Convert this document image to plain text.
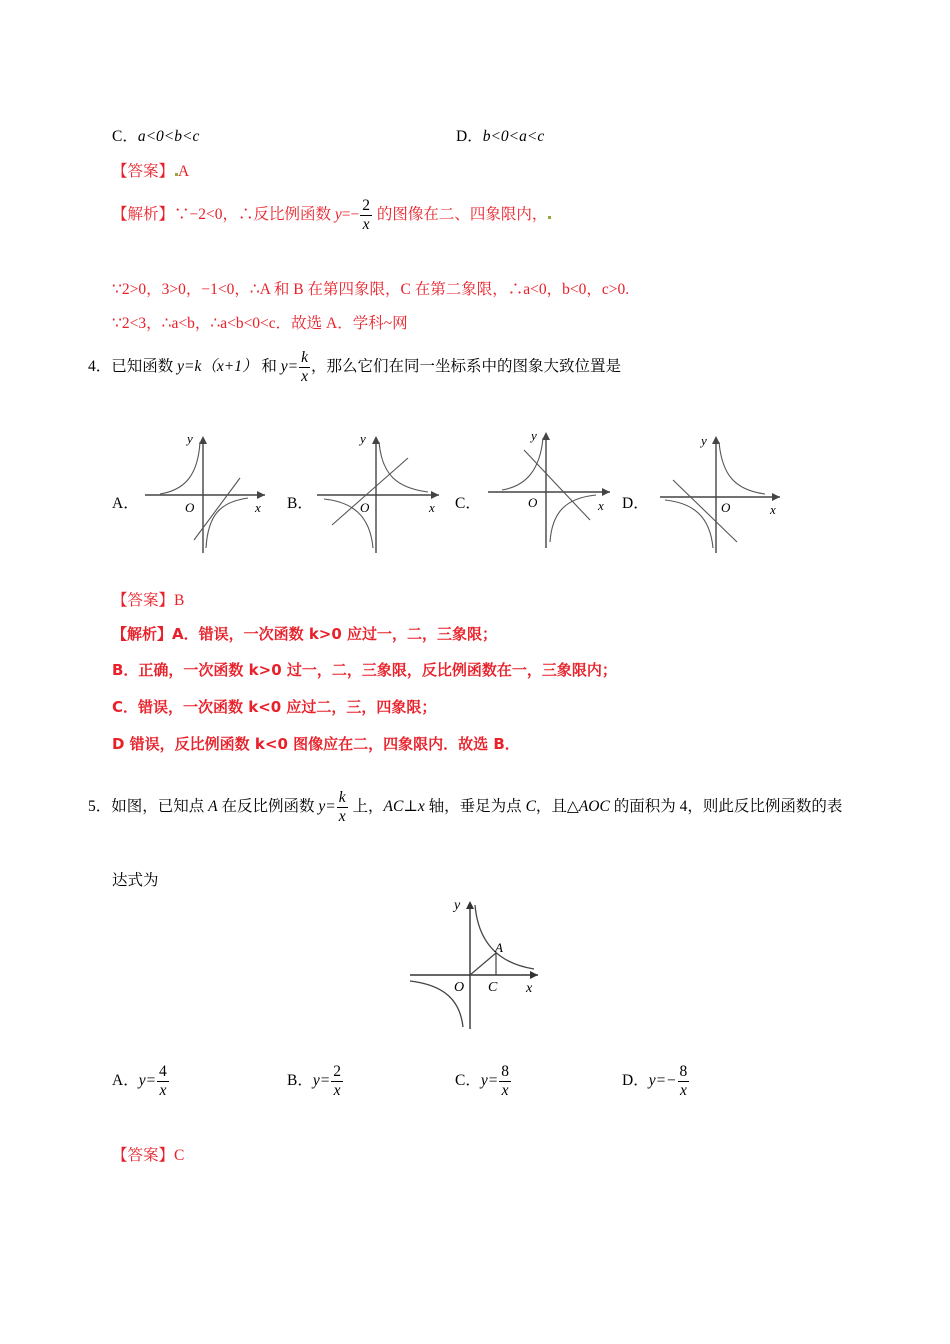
C．a<0<b<c	D．b<0<a<c
【答案】 A
【解析】∵−2<0，∴反比例函数 $y=- \frac{2}{x}$ 的图像在二、四象限内，
∵2>0，3>0，−1<0，∴A 和 B 在第四象限，C 在第二象限，∴a<0，b<0，c>0.
∵2<3，∴a<b，∴a<b<0<c．故选 A．学科~网
4．已知函数 y=k（x+1） 和 $y= \frac{k}{x}$ ，那么它们在同一坐标系中的图象大致位置是
A．	B．	C．	D．
y
x
O
y
x
O
y
x
O
y
x
O
【答案】B
【解析】A．错误，一次函数 k>0 应过一，二，三象限；
B．正确，一次函数 k>0 过一，二，三象限，反比例函数在一，三象限内；
C．错误，一次函数 k<0 应过二，三，四象限；
D 错误，反比例函数 k<0 图像应在二，四象限内．故选 B．
5．如图，已知点 A 在反比例函数 $y= \frac{k}{x}$ 上，AC⊥x 轴，垂足为点 C，且△AOC 的面积为 4，则此反比例函数的表
达式为
y
x
O
A
C
A．$y= \frac{4}{x}$	B．$y= \frac{2}{x}$	C．$y= \frac{8}{x}$	D．$y=- \frac{8}{x}$
【答案】C
